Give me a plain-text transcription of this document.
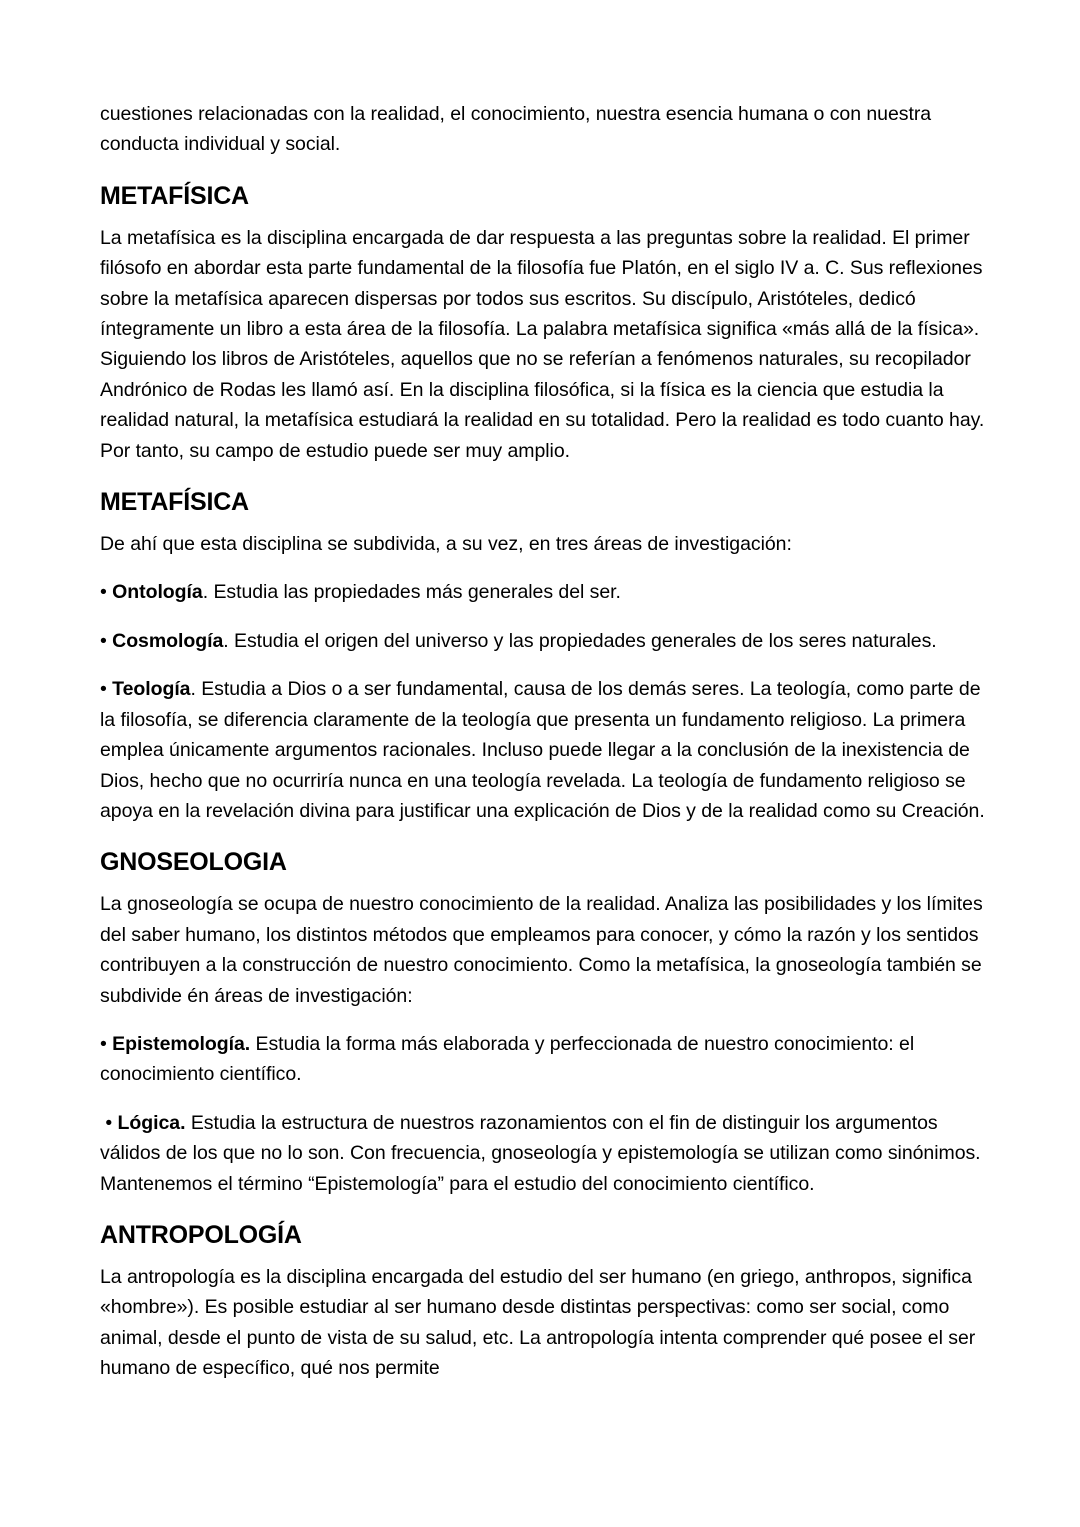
cuestiones relacionadas con la realidad, el conocimiento, nuestra esencia humana o con nuestra conducta individual y social.

METAFÍSICA

La metafísica es la disciplina encargada de dar respuesta a las preguntas sobre la realidad. El primer filósofo en abordar esta parte fundamental de la filosofía fue Platón, en el siglo IV a. C. Sus reflexiones sobre la metafísica aparecen dispersas por todos sus escritos. Su discípulo, Aristóteles, dedicó íntegramente un libro a esta área de la filosofía. La palabra metafísica significa «más allá de la física». Siguiendo los libros de Aristóteles, aquellos que no se referían a fenómenos naturales, su recopilador Andrónico de Rodas les llamó así. En la disciplina filosófica, si la física es la ciencia que estudia la realidad natural, la metafísica estudiará la realidad en su totalidad. Pero la realidad es todo cuanto hay. Por tanto, su campo de estudio puede ser muy amplio.

METAFÍSICA

De ahí que esta disciplina se subdivida, a su vez, en tres áreas de investigación:

• Ontología. Estudia las propiedades más generales del ser.

• Cosmología. Estudia el origen del universo y las propiedades generales de los seres naturales.

• Teología. Estudia a Dios o a ser fundamental, causa de los demás seres. La teología, como parte de la filosofía, se diferencia claramente de la teología que presenta un fundamento religioso. La primera emplea únicamente argumentos racionales. Incluso puede llegar a la conclusión de la inexistencia de Dios, hecho que no ocurriría nunca en una teología revelada. La teología de fundamento religioso se apoya en la revelación divina para justificar una explicación de Dios y de la realidad como su Creación.

GNOSEOLOGIA

La gnoseología se ocupa de nuestro conocimiento de la realidad. Analiza las posibilidades y los límites del saber humano, los distintos métodos que empleamos para conocer, y cómo la razón y los sentidos contribuyen a la construcción de nuestro conocimiento. Como la metafísica, la gnoseología también se subdivide én áreas de investigación:

• Epistemología. Estudia la forma más elaborada y perfeccionada de nuestro conocimiento: el conocimiento científico.

• Lógica. Estudia la estructura de nuestros razonamientos con el fin de distinguir los argumentos válidos de los que no lo son. Con frecuencia, gnoseología y epistemología se utilizan como sinónimos. Mantenemos el término “Epistemología” para el estudio del conocimiento científico.

ANTROPOLOGÍA

La antropología es la disciplina encargada del estudio del ser humano (en griego, anthropos, significa «hombre»). Es posible estudiar al ser humano desde distintas perspectivas: como ser social, como animal, desde el punto de vista de su salud, etc. La antropología intenta comprender qué posee el ser humano de específico, qué nos permite
